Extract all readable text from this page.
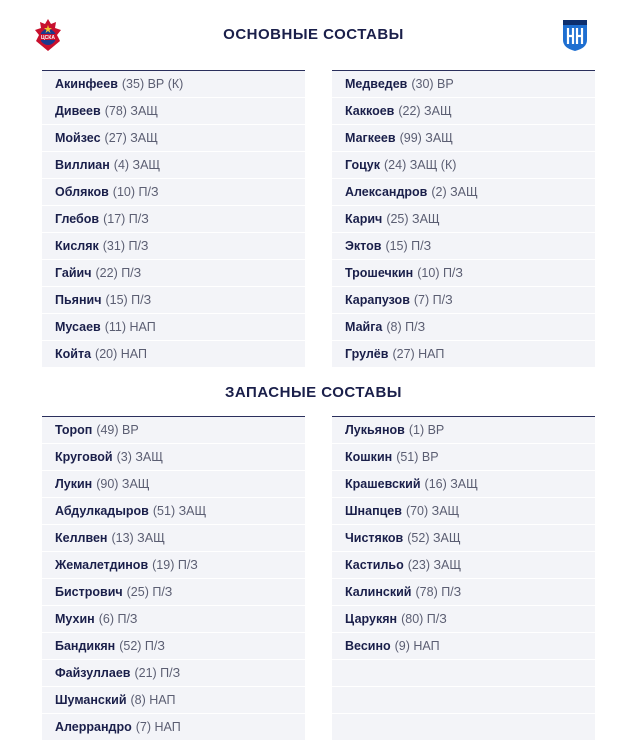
ЦСКА	ОСНОВНЫЕ СОСТАВЫ
Акинфеев (35) ВР (К)
Дивеев (78) ЗАЩ
Мойзес (27) ЗАЩ
Виллиан (4) ЗАЩ
Обляков (10) П/З
Глебов (17) П/З
Кисляк (31) П/З
Гайич (22) П/З
Пьянич (15) П/З
Мусаев (11) НАП
Койта (20) НАП
Медведев (30) ВР
Каккоев (22) ЗАЩ
Магкеев (99) ЗАЩ
Гоцук (24) ЗАЩ (К)
Александров (2) ЗАЩ
Карич (25) ЗАЩ
Эктов (15) П/З
Трошечкин (10) П/З
Карапузов (7) П/З
Майга (8) П/З
Грулёв (27) НАП
ЗАПАСНЫЕ СОСТАВЫ
Тороп (49) ВР
Круговой (3) ЗАЩ
Лукин (90) ЗАЩ
Абдулкадыров (51) ЗАЩ
Келлвен (13) ЗАЩ
Жемалетдинов (19) П/З
Бистрович (25) П/З
Мухин (6) П/З
Бандикян (52) П/З
Файзуллаев (21) П/З
Шуманский (8) НАП
Алеррандро (7) НАП
Лукьянов (1) ВР
Кошкин (51) ВР
Крашевский (16) ЗАЩ
Шнапцев (70) ЗАЩ
Чистяков (52) ЗАЩ
Кастильо (23) ЗАЩ
Калинский (78) П/З
Царукян (80) П/З
Весино (9) НАП
